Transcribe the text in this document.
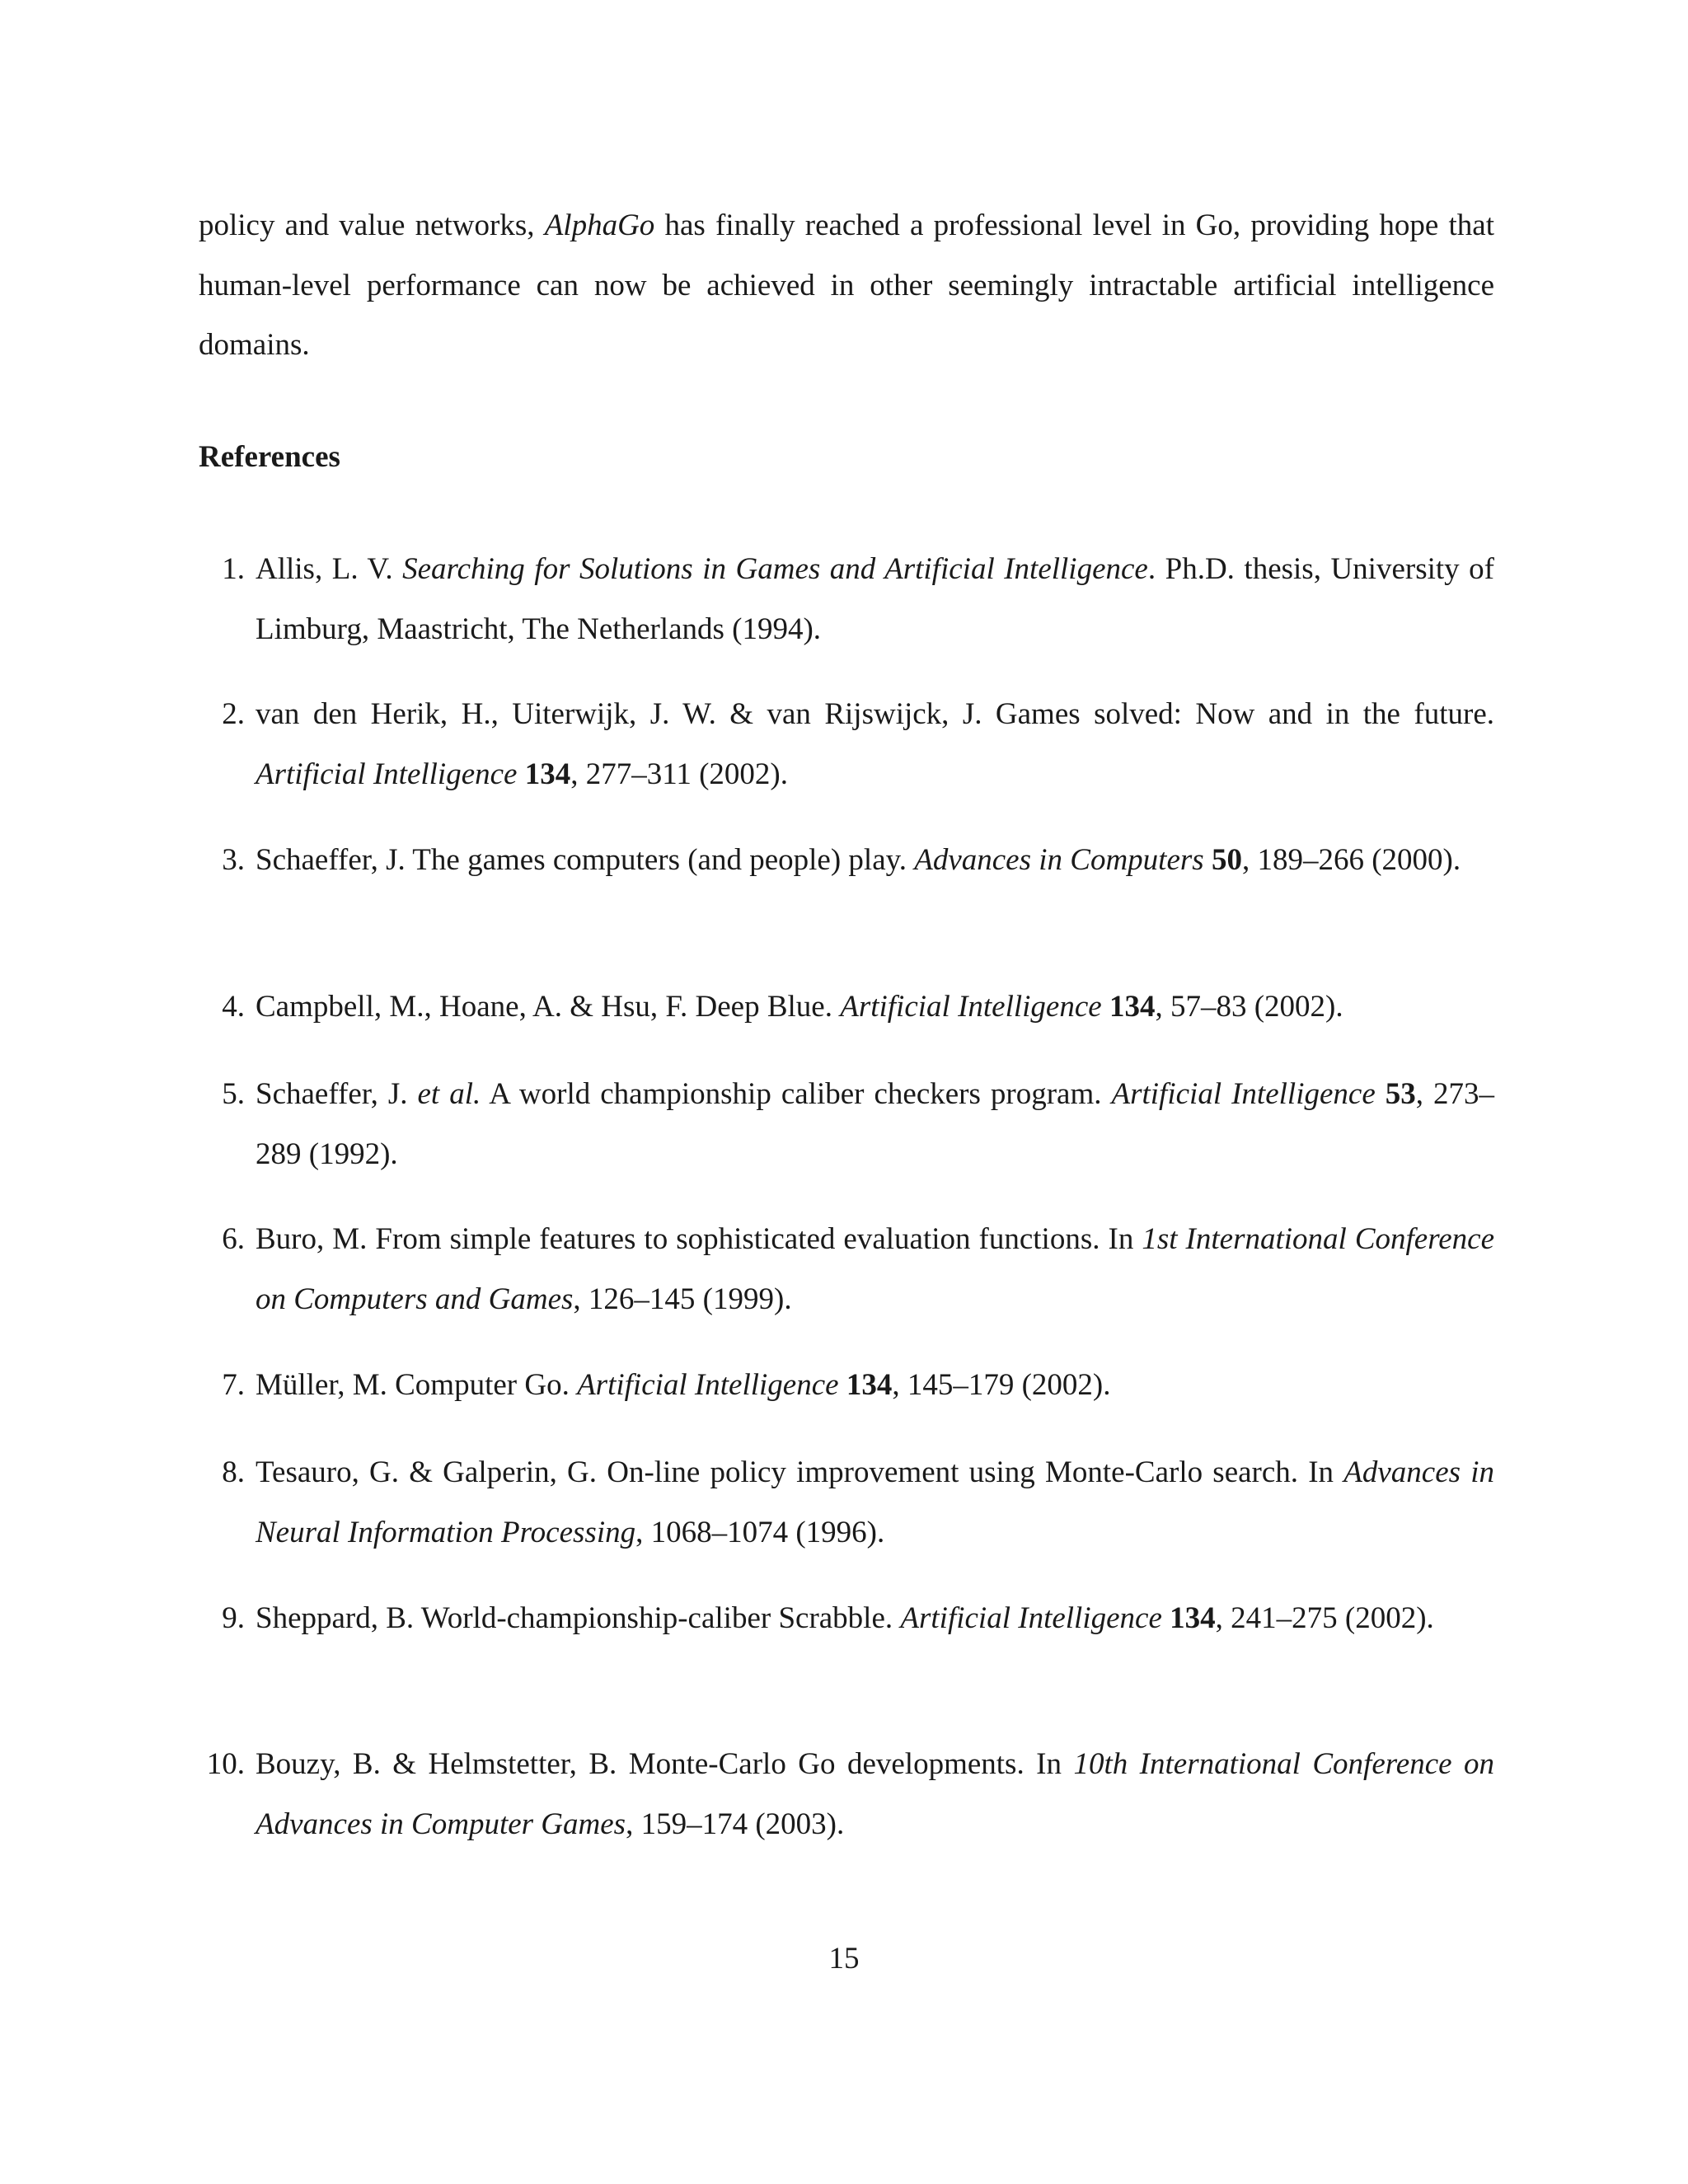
policy and value networks, AlphaGo has finally reached a professional level in Go, providing hope that human-level performance can now be achieved in other seemingly intractable artificial intelligence domains.

References
1. Allis, L. V. Searching for Solutions in Games and Artificial Intelligence. Ph.D. thesis, University of Limburg, Maastricht, The Netherlands (1994).
2. van den Herik, H., Uiterwijk, J. W. & van Rijswijck, J. Games solved: Now and in the future. Artificial Intelligence 134, 277–311 (2002).
3. Schaeffer, J. The games computers (and people) play. Advances in Computers 50, 189–266 (2000).
4. Campbell, M., Hoane, A. & Hsu, F. Deep Blue. Artificial Intelligence 134, 57–83 (2002).
5. Schaeffer, J. et al. A world championship caliber checkers program. Artificial Intelligence 53, 273–289 (1992).
6. Buro, M. From simple features to sophisticated evaluation functions. In 1st International Conference on Computers and Games, 126–145 (1999).
7. Müller, M. Computer Go. Artificial Intelligence 134, 145–179 (2002).
8. Tesauro, G. & Galperin, G. On-line policy improvement using Monte-Carlo search. In Advances in Neural Information Processing, 1068–1074 (1996).
9. Sheppard, B. World-championship-caliber Scrabble. Artificial Intelligence 134, 241–275 (2002).
10. Bouzy, B. & Helmstetter, B. Monte-Carlo Go developments. In 10th International Conference on Advances in Computer Games, 159–174 (2003).
15
